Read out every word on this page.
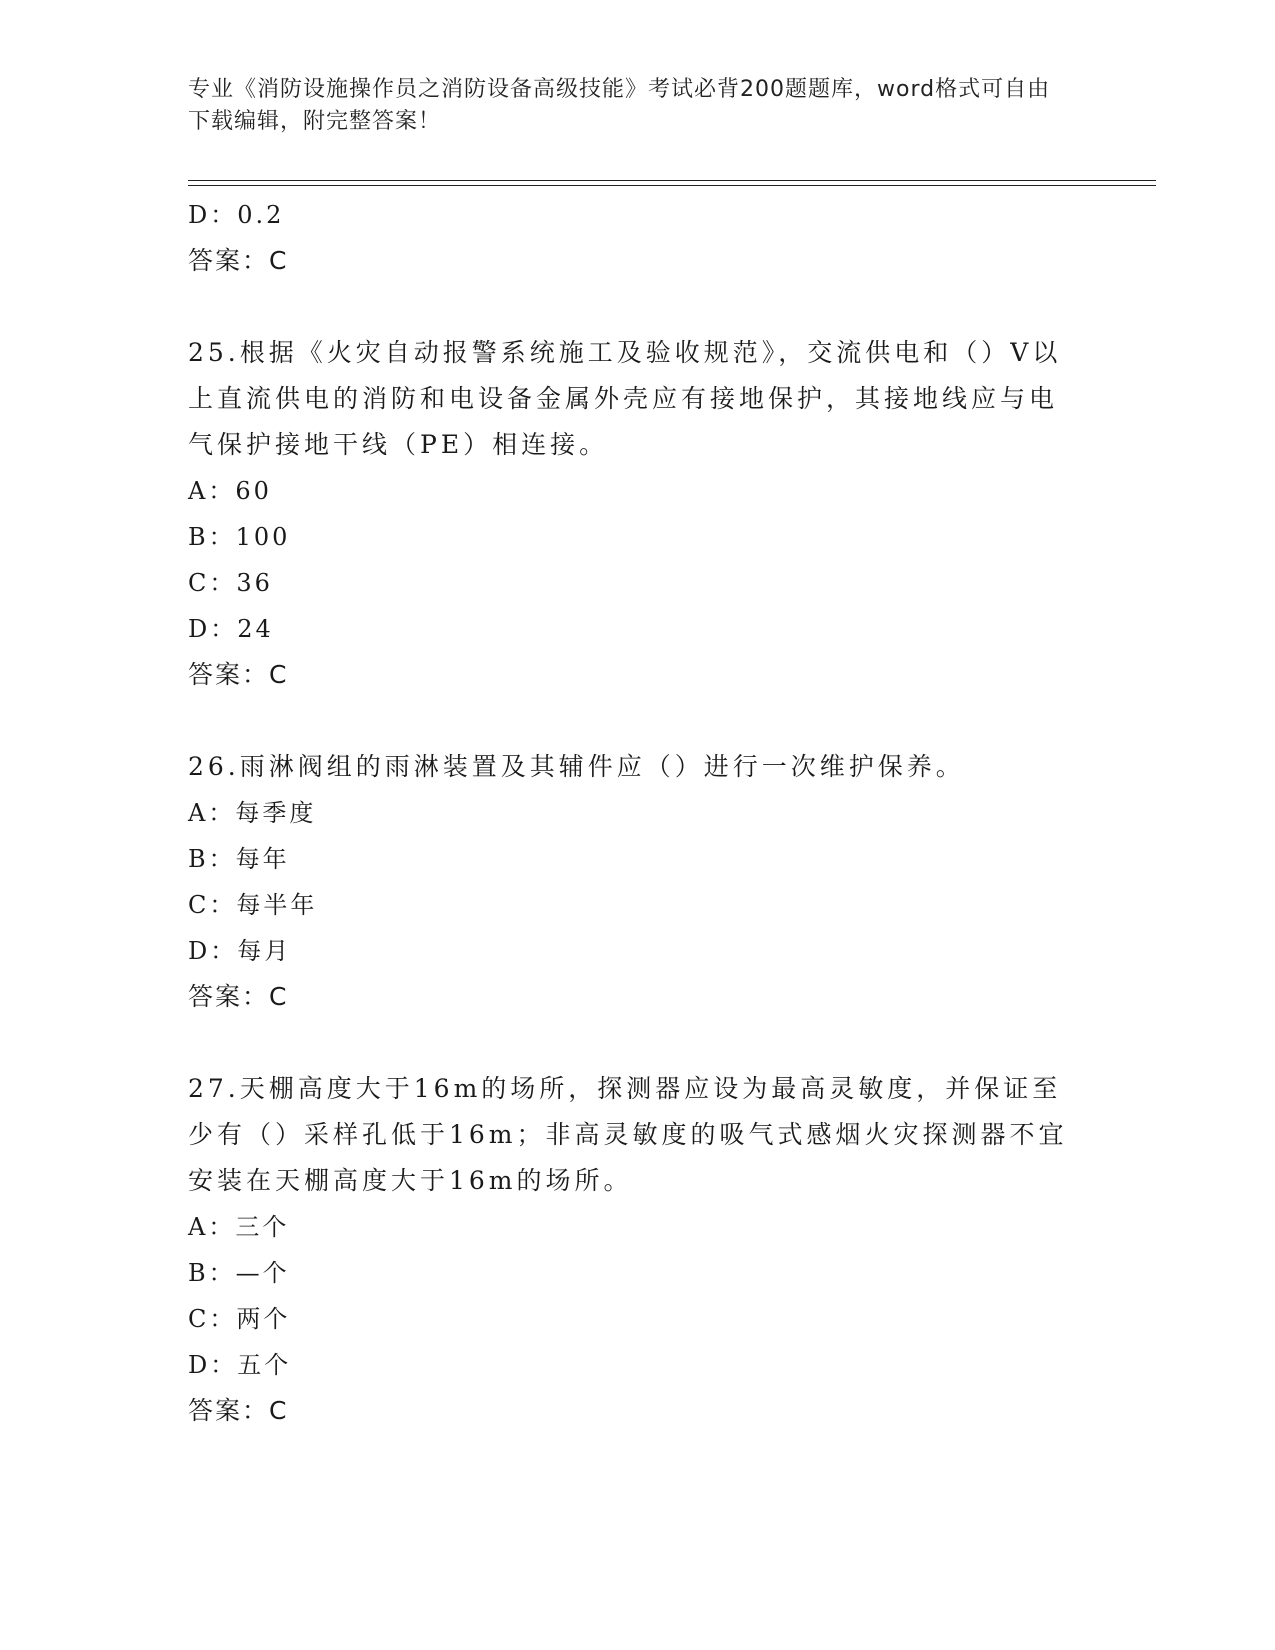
专业《消防设施操作员之消防设备高级技能》考试必背200题题库，word格式可自由下载编辑，附完整答案！
D：0.2
答案：C
25.根据《火灾自动报警系统施工及验收规范》，交流供电和（）V以上直流供电的消防和电设备金属外壳应有接地保护，其接地线应与电气保护接地干线（PE）相连接。
A：60
B：100
C：36
D：24
答案：C
26.雨淋阀组的雨淋装置及其辅件应（）进行一次维护保养。
A：每季度
B：每年
C：每半年
D：每月
答案：C
27.天棚高度大于16m的场所，探测器应设为最高灵敏度，并保证至少有（）采样孔低于16m；非高灵敏度的吸气式感烟火灾探测器不宜安装在天棚高度大于16m的场所。
A：三个
B：—个
C：两个
D：五个
答案：C
